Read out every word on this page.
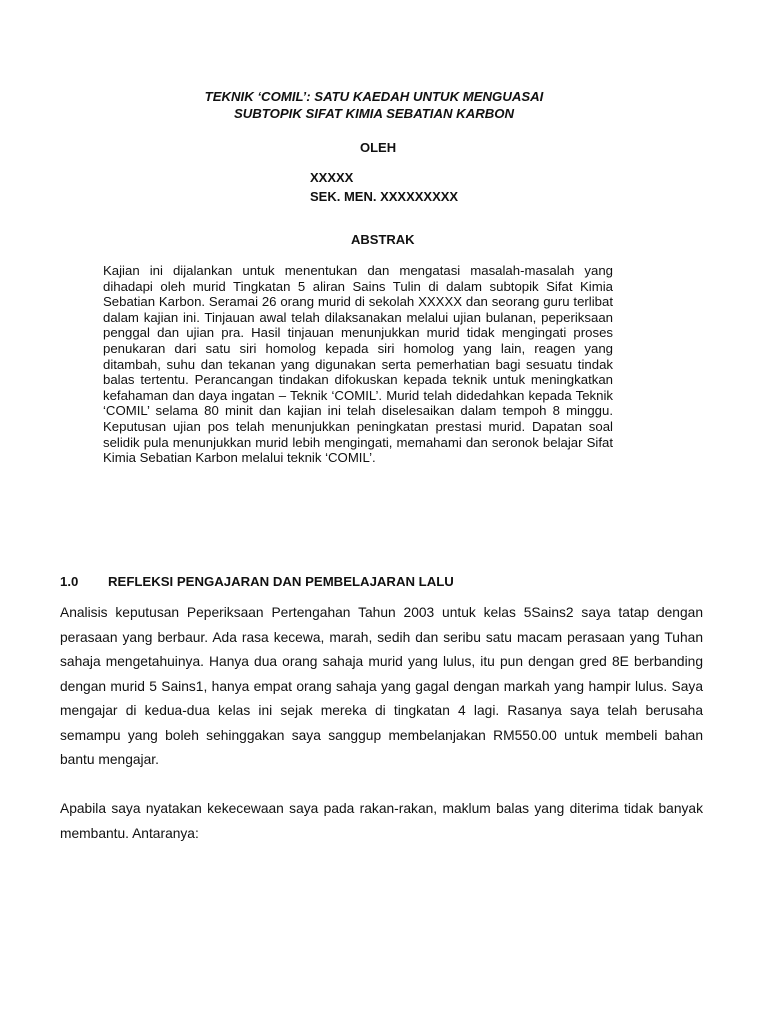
TEKNIK ‘COMIL’: SATU KAEDAH UNTUK MENGUASAI
SUBTOPIK SIFAT KIMIA SEBATIAN KARBON
OLEH
XXXXX
SEK. MEN. XXXXXXXXX
ABSTRAK

Kajian ini dijalankan untuk menentukan dan mengatasi masalah-masalah yang dihadapi oleh murid Tingkatan 5 aliran Sains Tulin di dalam subtopik Sifat Kimia Sebatian Karbon. Seramai 26 orang murid di sekolah XXXXX dan seorang guru terlibat dalam kajian ini. Tinjauan awal telah dilaksanakan melalui ujian bulanan, peperiksaan penggal dan ujian pra. Hasil tinjauan menunjukkan murid tidak mengingati proses penukaran dari satu siri homolog kepada siri homolog yang lain, reagen yang ditambah, suhu dan tekanan yang digunakan serta pemerhatian bagi sesuatu tindak balas tertentu. Perancangan tindakan difokuskan kepada teknik untuk meningkatkan kefahaman dan daya ingatan – Teknik ‘COMIL’. Murid telah didedahkan kepada Teknik ‘COMIL’ selama 80 minit dan kajian ini telah diselesaikan dalam tempoh 8 minggu. Keputusan ujian pos telah menunjukkan peningkatan prestasi murid. Dapatan soal selidik pula menunjukkan murid lebih mengingati, memahami dan seronok belajar Sifat Kimia Sebatian Karbon melalui teknik ‘COMIL’.

1.0 REFLEKSI PENGAJARAN DAN PEMBELAJARAN LALU

Analisis keputusan Peperiksaan Pertengahan Tahun 2003 untuk kelas 5Sains2 saya tatap dengan perasaan yang berbaur. Ada rasa kecewa, marah, sedih dan seribu satu macam perasaan yang Tuhan sahaja mengetahuinya. Hanya dua orang sahaja murid yang lulus, itu pun dengan gred 8E berbanding dengan murid 5 Sains1, hanya empat orang sahaja yang gagal dengan markah yang hampir lulus. Saya mengajar di kedua-dua kelas ini sejak mereka di tingkatan 4 lagi. Rasanya saya telah berusaha semampu yang boleh sehinggakan saya sanggup membelanjakan RM550.00 untuk membeli bahan bantu mengajar.

Apabila saya nyatakan kekecewaan saya pada rakan-rakan, maklum balas yang diterima tidak banyak membantu. Antaranya:
